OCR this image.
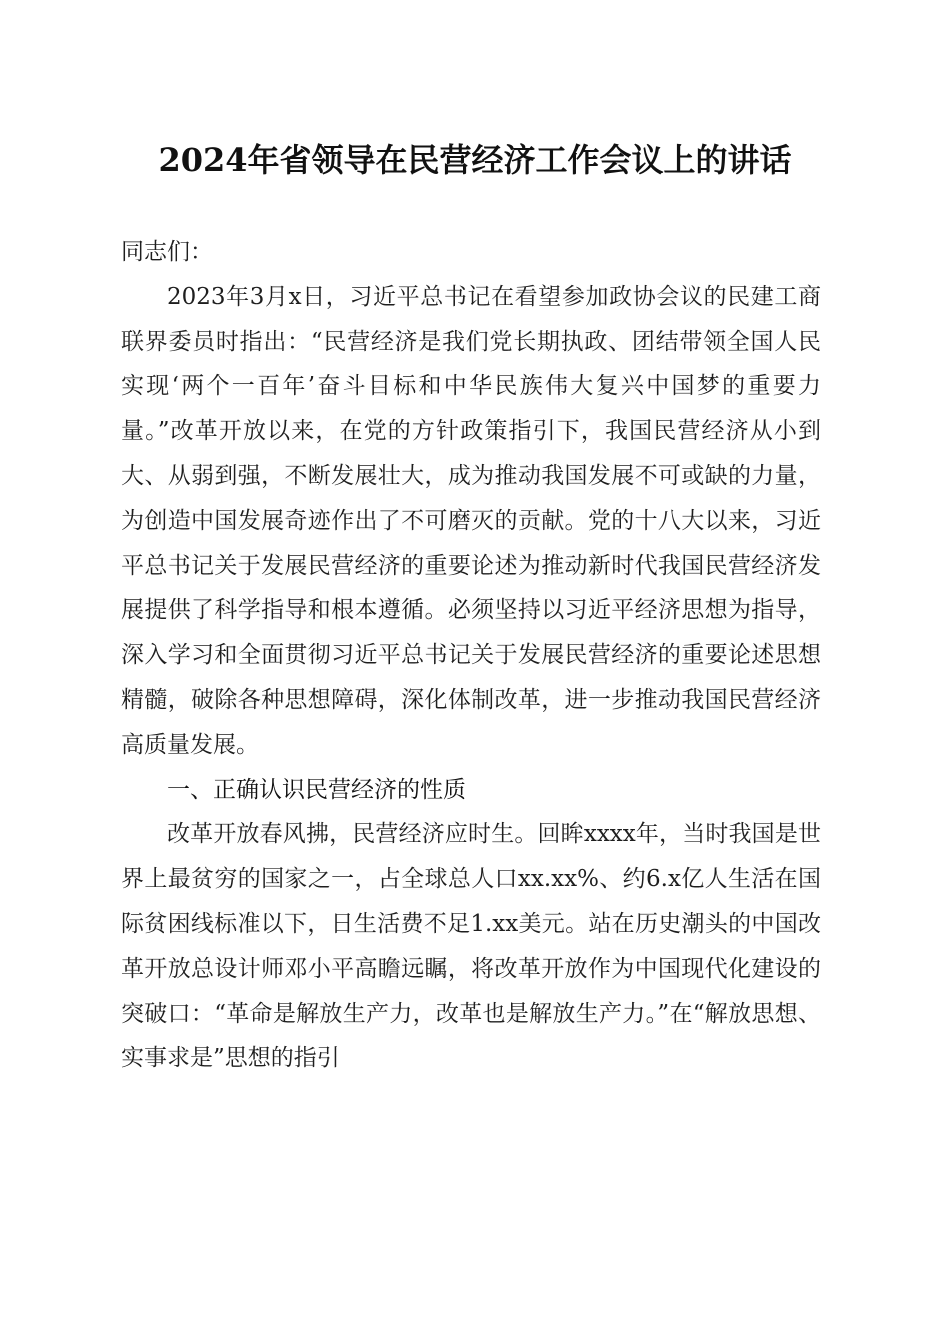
2024年省领导在民营经济工作会议上的讲话

同志们：

2023年3月x日，习近平总书记在看望参加政协会议的民建工商联界委员时指出：“民营经济是我们党长期执政、团结带领全国人民实现‘两个一百年’奋斗目标和中华民族伟大复兴中国梦的重要力量。”改革开放以来，在党的方针政策指引下，我国民营经济从小到大、从弱到强，不断发展壮大，成为推动我国发展不可或缺的力量，为创造中国发展奇迹作出了不可磨灭的贡献。党的十八大以来，习近平总书记关于发展民营经济的重要论述为推动新时代我国民营经济发展提供了科学指导和根本遵循。必须坚持以习近平经济思想为指导，深入学习和全面贯彻习近平总书记关于发展民营经济的重要论述思想精髓，破除各种思想障碍，深化体制改革，进一步推动我国民营经济高质量发展。

一、正确认识民营经济的性质

改革开放春风拂，民营经济应时生。回眸xxxx年，当时我国是世界上最贫穷的国家之一，占全球总人口xx.xx%、约6.x亿人生活在国际贫困线标准以下，日生活费不足1.xx美元。站在历史潮头的中国改革开放总设计师邓小平高瞻远瞩，将改革开放作为中国现代化建设的突破口：“革命是解放生产力，改革也是解放生产力。”在“解放思想、实事求是”思想的指引
